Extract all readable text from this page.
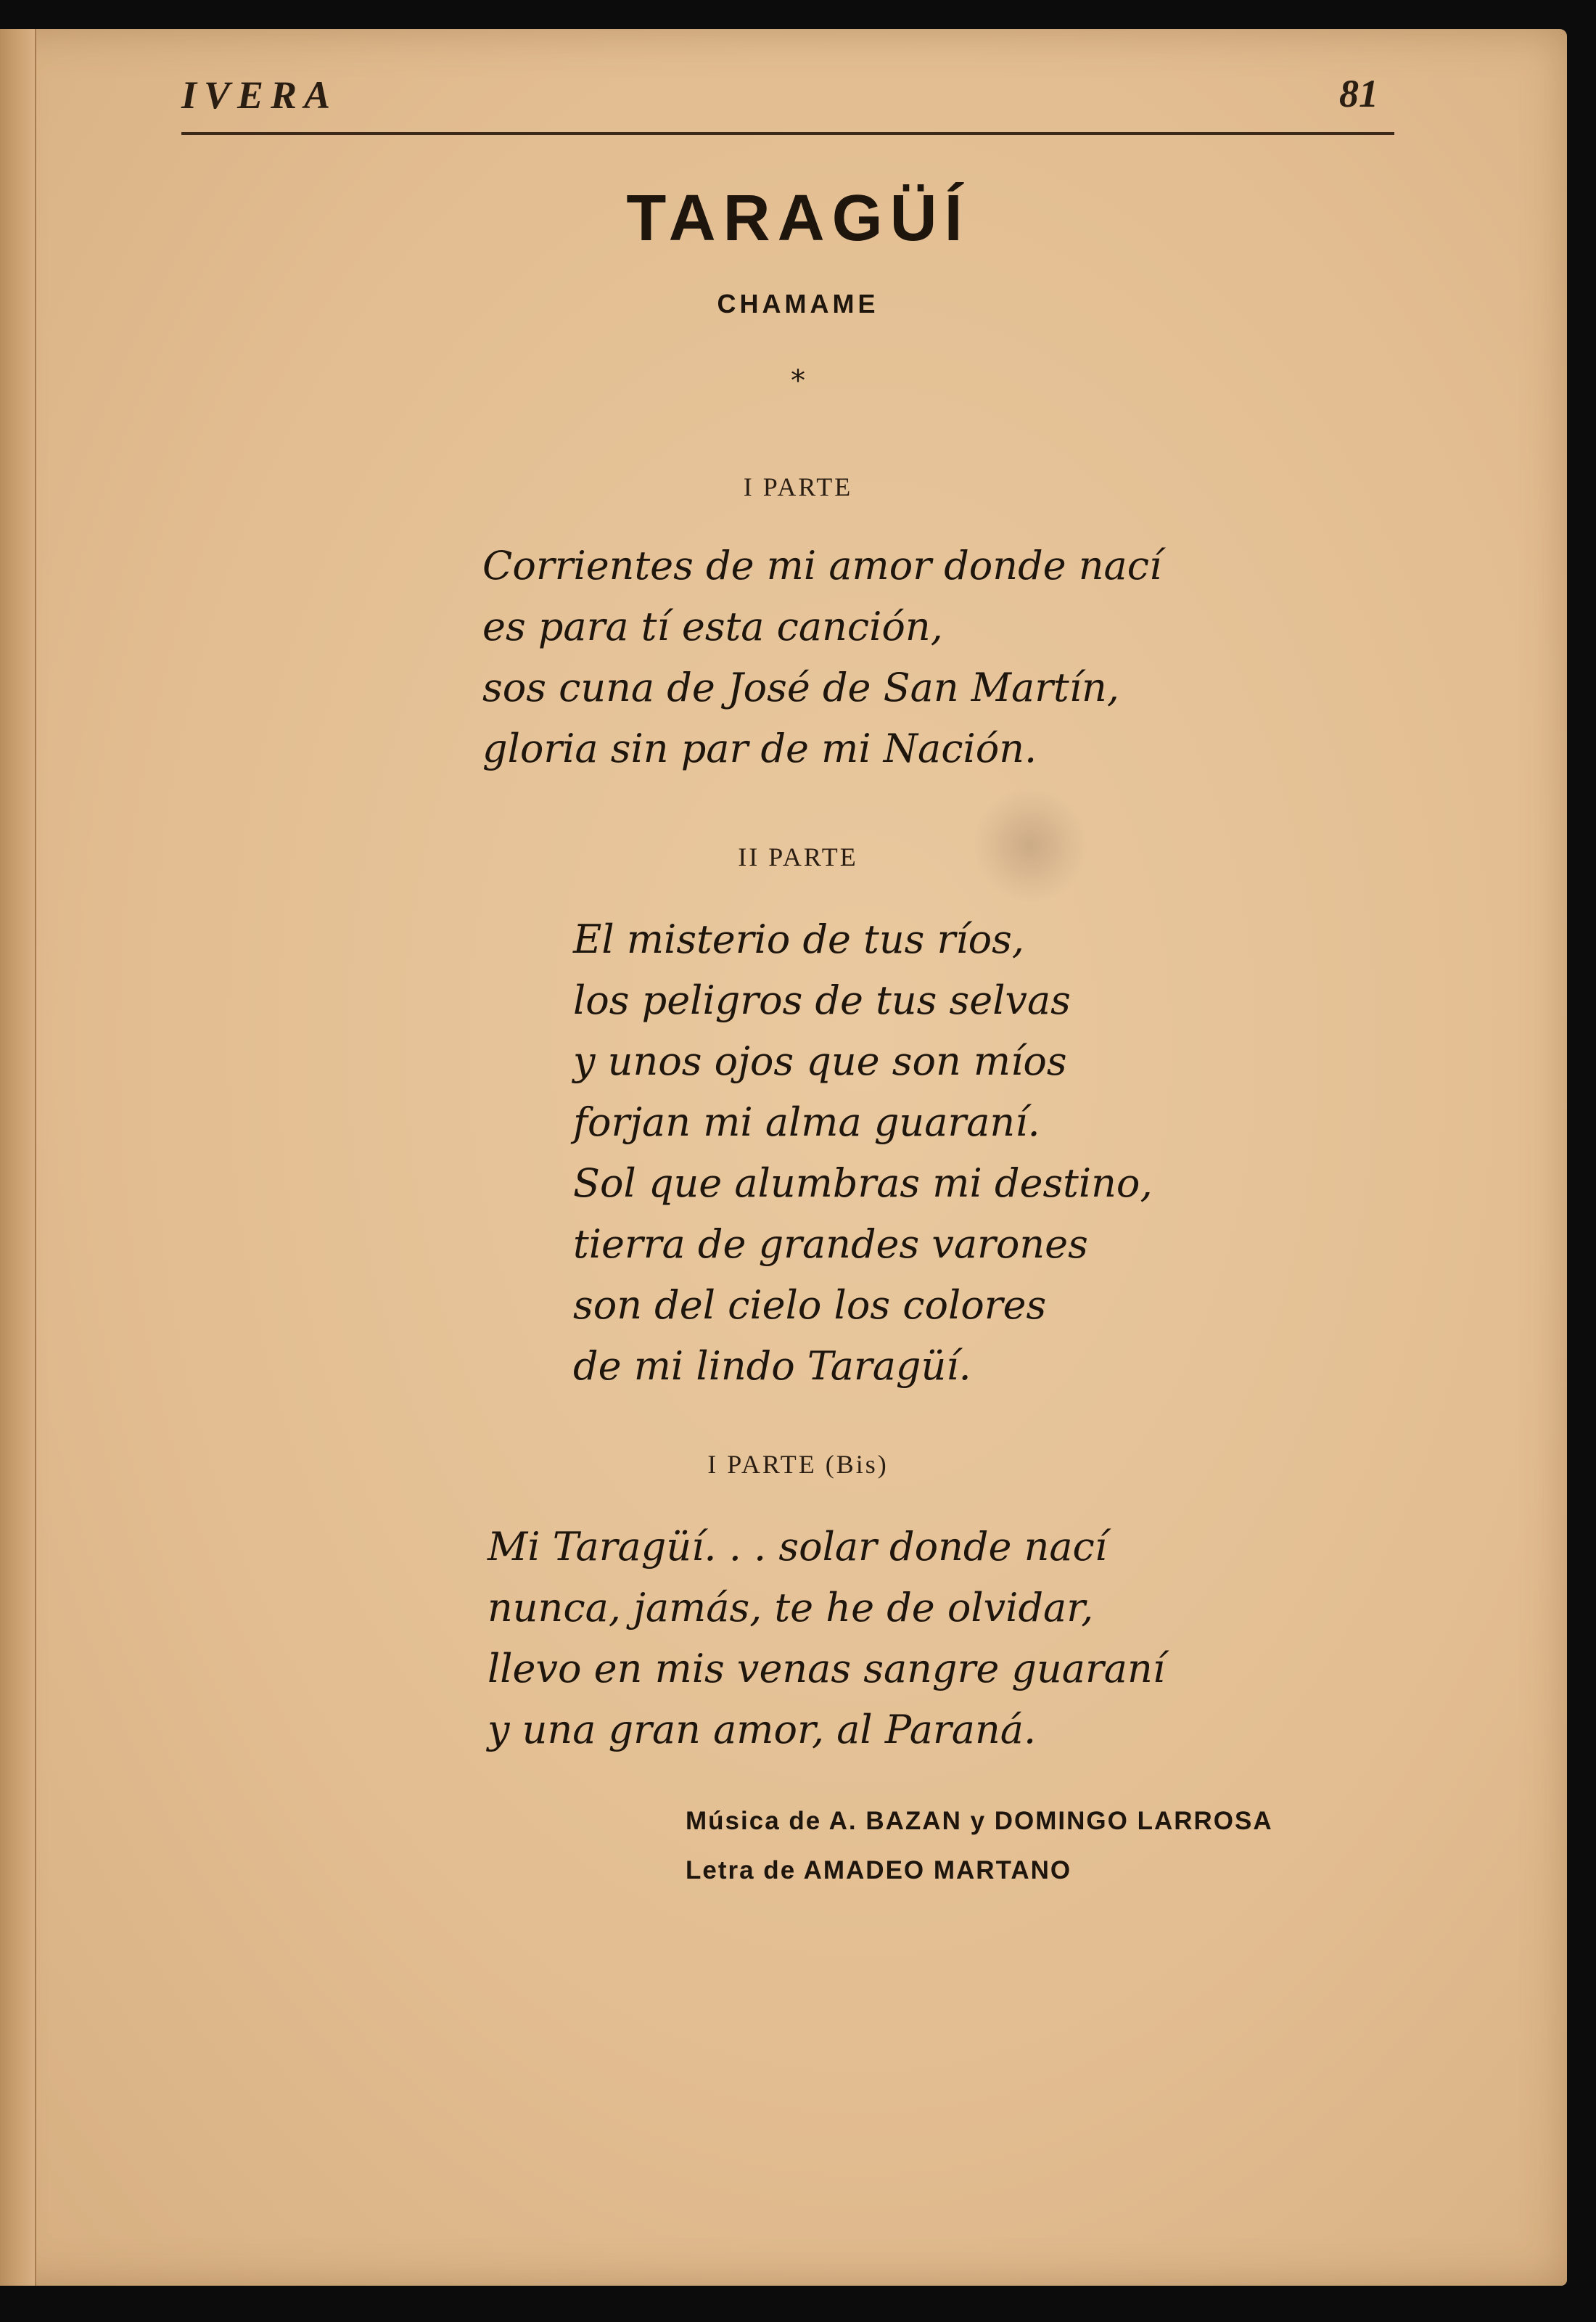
IVERA	81
TARAGÜÍ
CHAMAME
*
I PARTE
Corrientes de mi amor donde nací
es para tí esta canción,
sos cuna de José de San Martín,
gloria sin par de mi Nación.
II PARTE
El misterio de tus ríos,
los peligros de tus selvas
y unos ojos que son míos
forjan mi alma guaraní.
Sol que alumbras mi destino,
tierra de grandes varones
son del cielo los colores
de mi lindo Taragüí.
I PARTE (Bis)
Mi Taragüí. . . solar donde nací
nunca, jamás, te he de olvidar,
llevo en mis venas sangre guaraní
y una gran amor, al Paraná.
Música de A. BAZAN y DOMINGO LARROSA
Letra de AMADEO MARTANO
